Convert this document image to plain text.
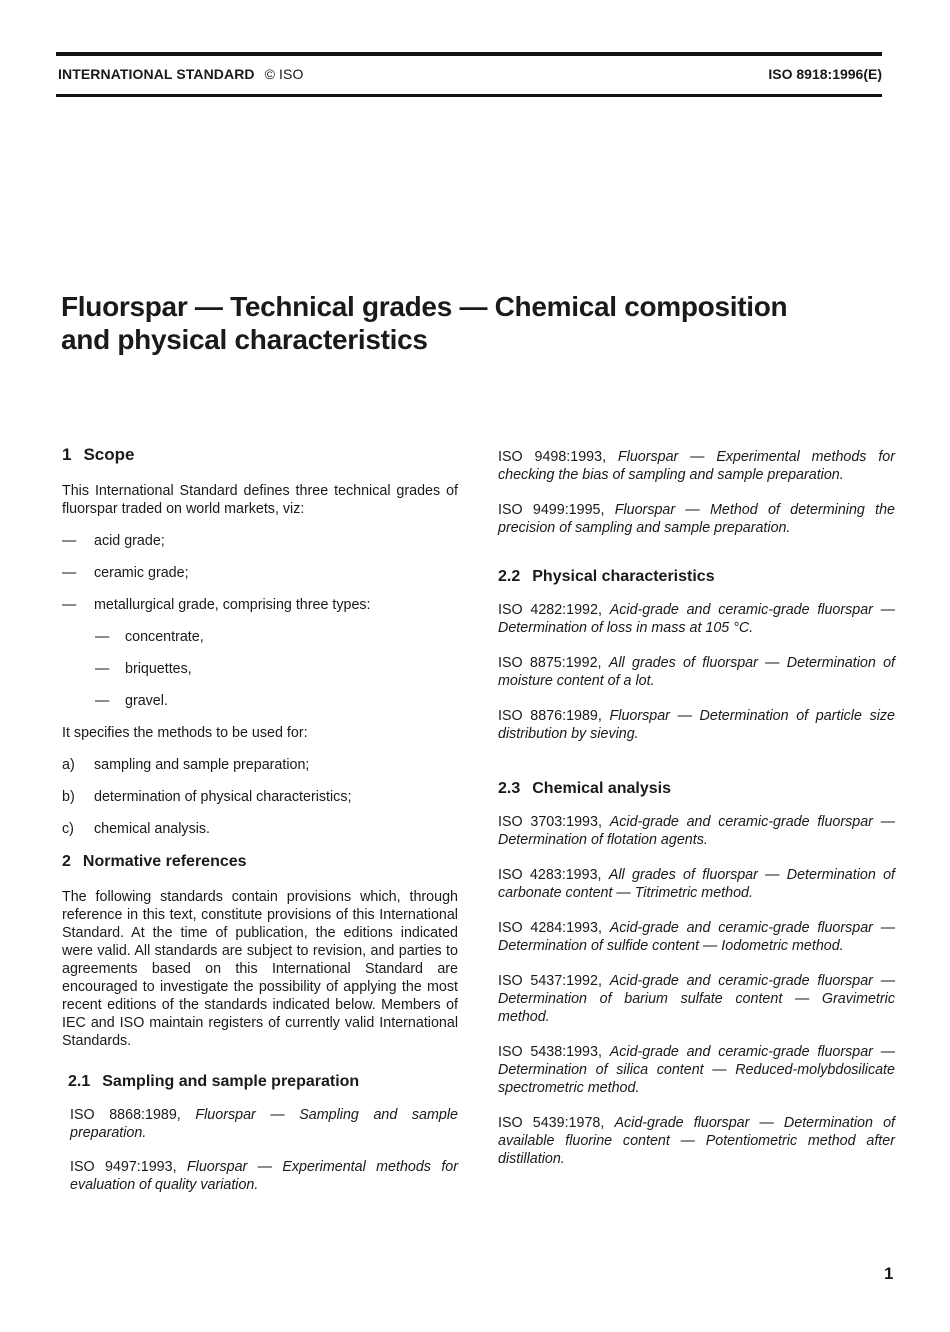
INTERNATIONAL STANDARD © ISO	ISO 8918:1996(E)
Fluorspar — Technical grades — Chemical composition
and physical characteristics
1 Scope

This International Standard defines three technical grades of fluorspar traded on world markets, viz:

— acid grade;
— ceramic grade;
— metallurgical grade, comprising three types:
— concentrate,
— briquettes,
— gravel.

It specifies the methods to be used for:

a) sampling and sample preparation;
b) determination of physical characteristics;
c) chemical analysis.
2 Normative references

The following standards contain provisions which, through reference in this text, constitute provisions of this International Standard. At the time of publication, the editions indicated were valid. All standards are subject to revision, and parties to agreements based on this International Standard are encouraged to investigate the possibility of applying the most recent editions of the standards indicated below. Members of IEC and ISO maintain registers of currently valid International Standards.

2.1 Sampling and sample preparation

ISO 8868:1989, Fluorspar — Sampling and sample preparation.

ISO 9497:1993, Fluorspar — Experimental methods for evaluation of quality variation.

ISO 9498:1993, Fluorspar — Experimental methods for checking the bias of sampling and sample preparation.

ISO 9499:1995, Fluorspar — Method of determining the precision of sampling and sample preparation.

2.2 Physical characteristics

ISO 4282:1992, Acid-grade and ceramic-grade fluorspar — Determination of loss in mass at 105 °C.

ISO 8875:1992, All grades of fluorspar — Determination of moisture content of a lot.

ISO 8876:1989, Fluorspar — Determination of particle size distribution by sieving.

2.3 Chemical analysis

ISO 3703:1993, Acid-grade and ceramic-grade fluorspar — Determination of flotation agents.

ISO 4283:1993, All grades of fluorspar — Determination of carbonate content — Titrimetric method.

ISO 4284:1993, Acid-grade and ceramic-grade fluorspar — Determination of sulfide content — Iodometric method.

ISO 5437:1992, Acid-grade and ceramic-grade fluorspar — Determination of barium sulfate content — Gravimetric method.

ISO 5438:1993, Acid-grade and ceramic-grade fluorspar — Determination of silica content — Reduced-molybdosilicate spectrometric method.

ISO 5439:1978, Acid-grade fluorspar — Determination of available fluorine content — Potentiometric method after distillation.

1
